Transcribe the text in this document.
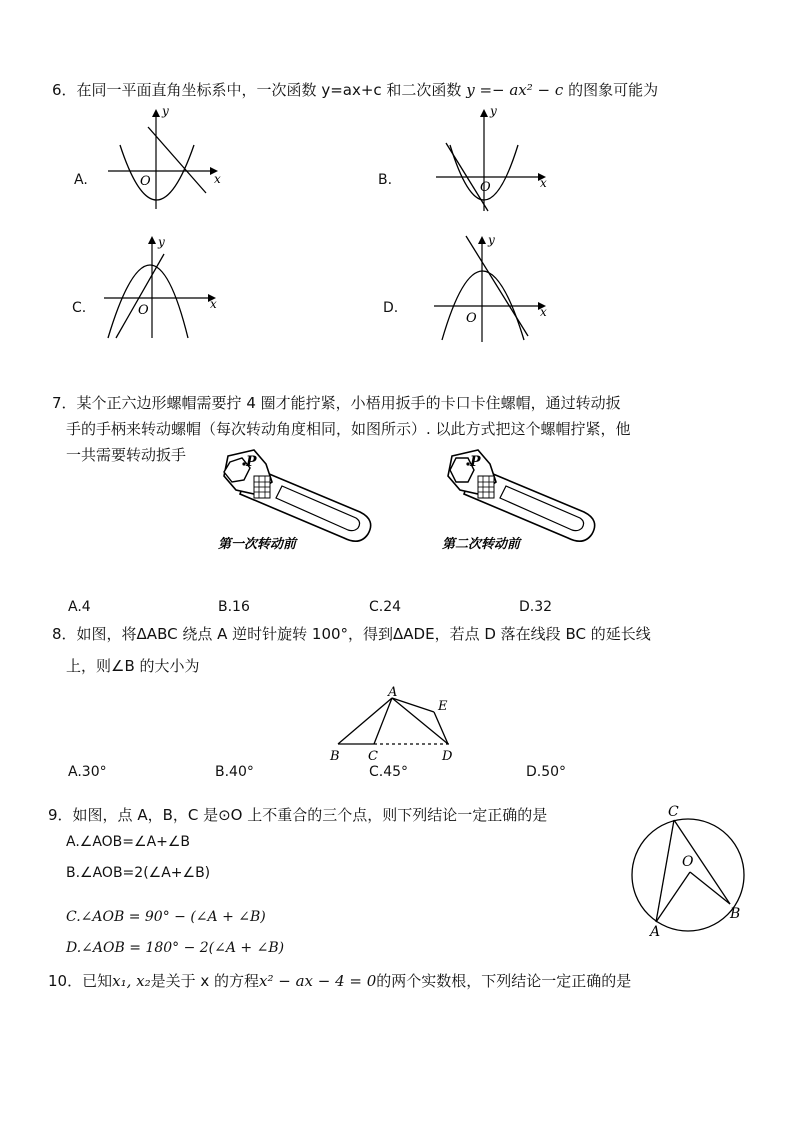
6．在同一平面直角坐标系中，一次函数 y=ax+c 和二次函数 y =− ax² − c 的图象可能为
A.
y
x
O	B.
y
x
O
C.
y
x
O	D.
y
x
O
7．某个正六边形螺帽需要拧 4 圈才能拧紧，小梧用扳手的卡口卡住螺帽，通过转动扳
手的手柄来转动螺帽（每次转动角度相同，如图所示）. 以此方式把这个螺帽拧紧，他
一共需要转动扳手	P
第一次转动前
P
第二次转动前
A.4	B.16	C.24	D.32
8．如图，将ΔABC 绕点 A 逆时针旋转 100°，得到ΔADE，若点 D 落在线段 BC 的延长线
上，则∠B 的大小为
A
B C	D
E
A.30°	B.40°	C.45°	D.50°
9．如图，点 A，B，C 是⊙O 上不重合的三个点，则下列结论一定正确的是
A.∠AOB=∠A+∠B
B.∠AOB=2(∠A+∠B)
C.∠AOB = 90° − (∠A + ∠B)
D.∠AOB = 180° − 2(∠A + ∠B)
C
O
A
B
10．已知x₁, x₂是关于 x 的方程x² − ax − 4 = 0的两个实数根，下列结论一定正确的是
